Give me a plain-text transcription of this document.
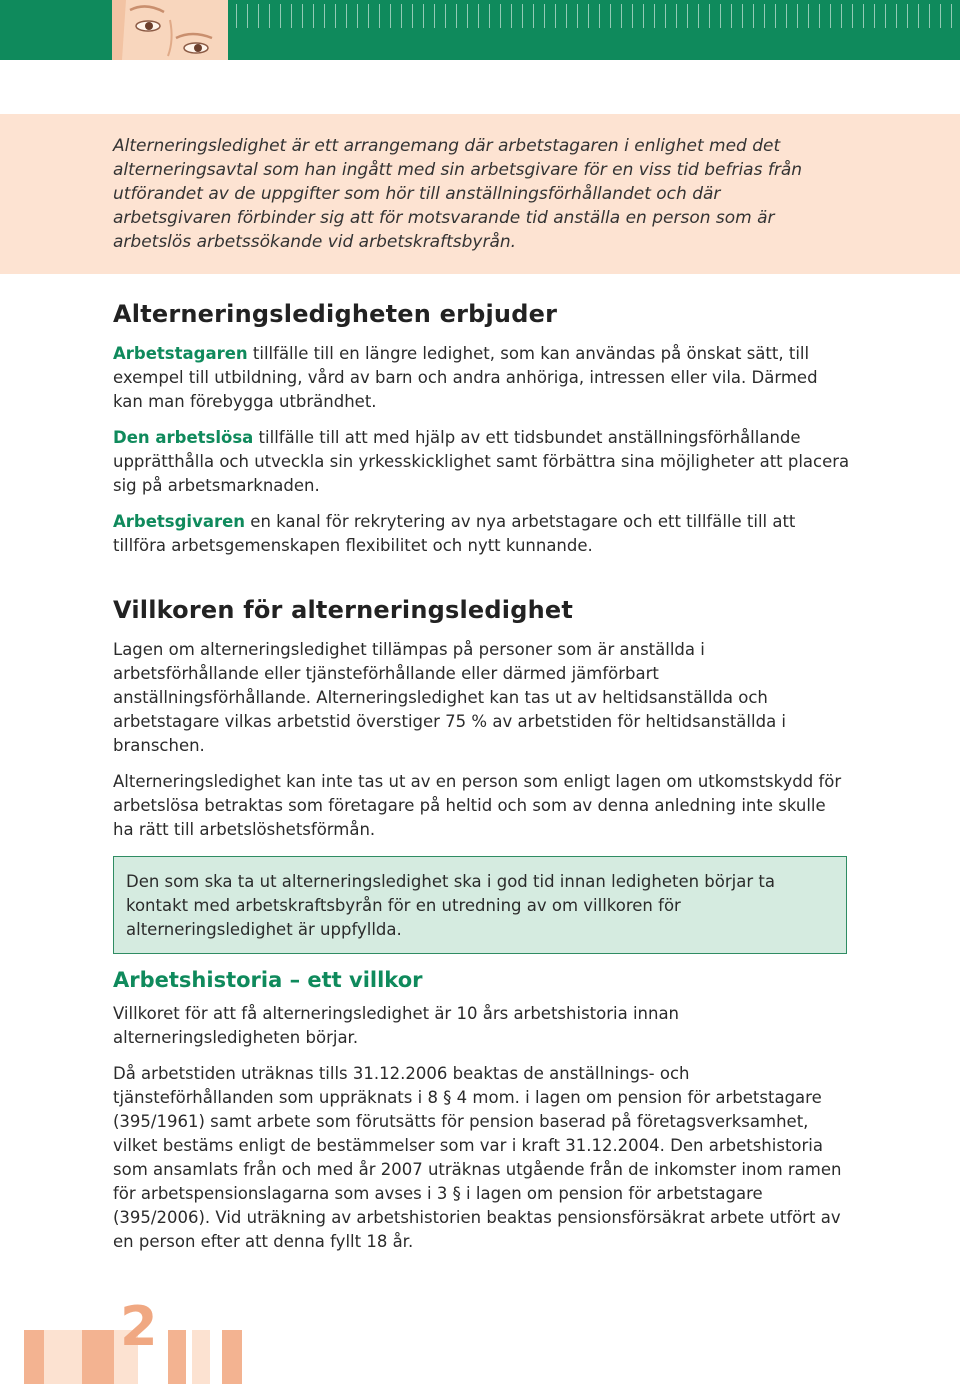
Alterneringsledighet är ett arrangemang där arbetstagaren i enlighet med det alterneringsavtal som han ingått med sin arbetsgivare för en viss tid befrias från utförandet av de uppgifter som hör till anställningsförhållandet och där arbetsgivaren förbinder sig att för motsvarande tid anställa en person som är arbetslös arbetssökande vid arbetskraftsbyrån.

Alterneringsledigheten erbjuder

Arbetstagaren tillfälle till en längre ledighet, som kan användas på önskat sätt, till exempel till utbildning, vård av barn och andra anhöriga, intressen eller vila. Därmed kan man förebygga utbrändhet.

Den arbetslösa tillfälle till att med hjälp av ett tidsbundet anställningsförhållande upprätthålla och utveckla sin yrkesskicklighet samt förbättra sina möjligheter att placera sig på arbetsmarknaden.

Arbetsgivaren en kanal för rekrytering av nya arbetstagare och ett tillfälle till att tillföra arbetsgemenskapen flexibilitet och nytt kunnande.

Villkoren för alterneringsledighet

Lagen om alterneringsledighet tillämpas på personer som är anställda i arbetsförhållande eller tjänsteförhållande eller därmed jämförbart anställningsförhållande. Alterneringsledighet kan tas ut av heltidsanställda och arbetstagare vilkas arbetstid överstiger 75 % av arbetstiden för heltidsanställda i branschen.

Alterneringsledighet kan inte tas ut av en person som enligt lagen om utkomstskydd för arbetslösa betraktas som företagare på heltid och som av denna anledning inte skulle ha rätt till arbetslöshetsförmån.

Den som ska ta ut alterneringsledighet ska i god tid innan ledigheten börjar ta kontakt med arbetskraftsbyrån för en utredning av om villkoren för alterneringsledighet är uppfyllda.

Arbetshistoria – ett villkor

Villkoret för att få alterneringsledighet är 10 års arbetshistoria innan alterneringsledigheten börjar.

Då arbetstiden uträknas tills 31.12.2006 beaktas de anställnings- och tjänsteförhållanden som uppräknats i 8 § 4 mom. i lagen om pension för arbetstagare (395/1961) samt arbete som förutsätts för pension baserad på företagsverksamhet, vilket bestäms enligt de bestämmelser som var i kraft 31.12.2004. Den arbetshistoria som ansamlats från och med år 2007 uträknas utgående från de inkomster inom ramen för arbetspensionslagarna som avses i 3 § i lagen om pension för arbetstagare (395/2006). Vid uträkning av arbetshistorien beaktas pensionsförsäkrat arbete utfört av en person efter att denna fyllt 18 år.

2
